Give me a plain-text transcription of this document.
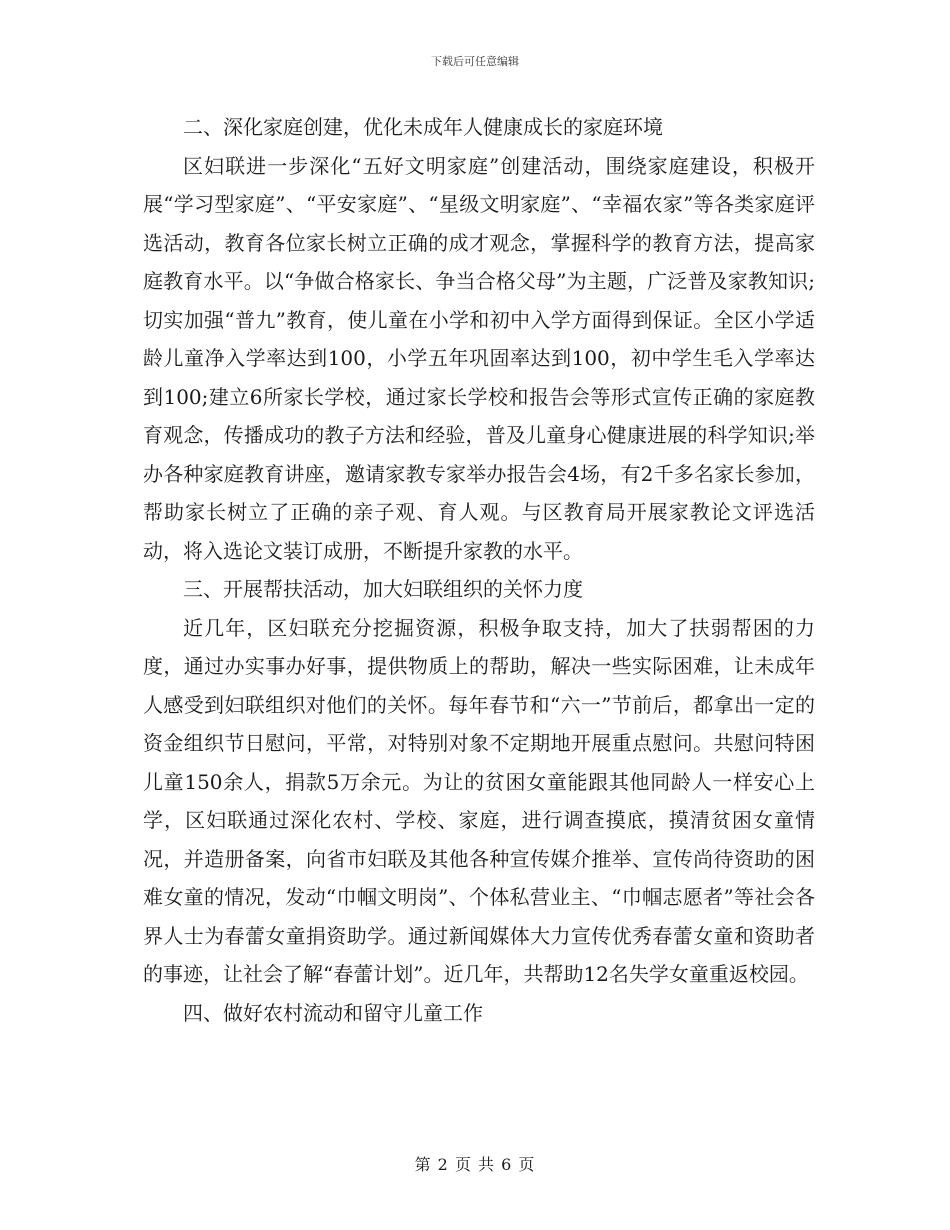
下载后可任意编辑

二、深化家庭创建，优化未成年人健康成长的家庭环境

区妇联进一步深化“五好文明家庭”创建活动，围绕家庭建设，积极开展“学习型家庭”、“平安家庭”、“星级文明家庭”、“幸福农家”等各类家庭评选活动，教育各位家长树立正确的成才观念，掌握科学的教育方法，提高家庭教育水平。以“争做合格家长、争当合格父母”为主题，广泛普及家教知识;切实加强“普九”教育，使儿童在小学和初中入学方面得到保证。全区小学适龄儿童净入学率达到100，小学五年巩固率达到100，初中学生毛入学率达到100;建立6所家长学校，通过家长学校和报告会等形式宣传正确的家庭教育观念，传播成功的教子方法和经验，普及儿童身心健康进展的科学知识;举办各种家庭教育讲座，邀请家教专家举办报告会4场，有2千多名家长参加，帮助家长树立了正确的亲子观、育人观。与区教育局开展家教论文评选活动，将入选论文装订成册，不断提升家教的水平。

三、开展帮扶活动，加大妇联组织的关怀力度

近几年，区妇联充分挖掘资源，积极争取支持，加大了扶弱帮困的力度，通过办实事办好事，提供物质上的帮助，解决一些实际困难，让未成年人感受到妇联组织对他们的关怀。每年春节和“六一”节前后，都拿出一定的资金组织节日慰问，平常，对特别对象不定期地开展重点慰问。共慰问特困儿童150余人，捐款5万余元。为让的贫困女童能跟其他同龄人一样安心上学，区妇联通过深化农村、学校、家庭，进行调查摸底，摸清贫困女童情况，并造册备案，向省市妇联及其他各种宣传媒介推举、宣传尚待资助的困难女童的情况，发动“巾帼文明岗”、个体私营业主、“巾帼志愿者”等社会各界人士为春蕾女童捐资助学。通过新闻媒体大力宣传优秀春蕾女童和资助者的事迹，让社会了解“春蕾计划”。近几年，共帮助12名失学女童重返校园。

四、做好农村流动和留守儿童工作

第 2 页 共 6 页
